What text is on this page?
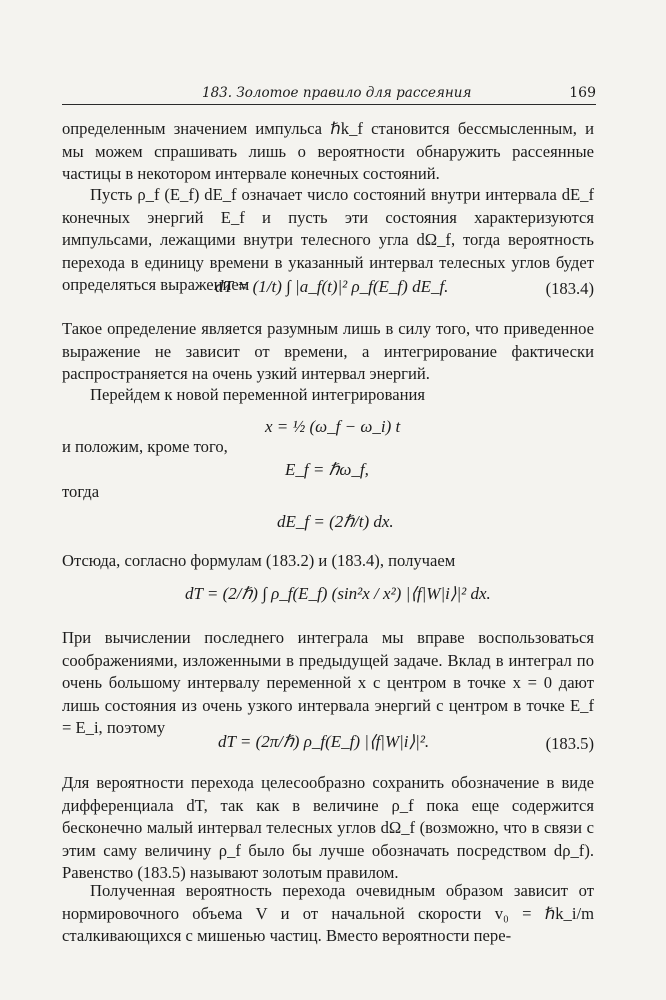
183. Золотое правило для рассеяния	169

определенным значением импульса ℏk_f становится бессмысленным, и мы можем спрашивать лишь о вероятности обнаружить рассеянные частицы в некотором интервале конечных состояний.

Пусть ρ_f (E_f) dE_f означает число состояний внутри интервала dE_f конечных энергий E_f и пусть эти состояния характеризуются импульсами, лежащими внутри телесного угла dΩ_f, тогда вероятность перехода в единицу времени в указанный интервал телесных углов будет определяться выражением

dT = (1/t) ∫ |a_f(t)|² ρ_f(E_f) dE_f.	(183.4)

Такое определение является разумным лишь в силу того, что приведенное выражение не зависит от времени, а интегрирование фактически распространяется на очень узкий интервал энергий.

Перейдем к новой переменной интегрирования

x = ½ (ω_f − ω_i) t

и положим, кроме того,

E_f = ℏω_f,

тогда

dE_f = (2ℏ/t) dx.

Отсюда, согласно формулам (183.2) и (183.4), получаем

dT = (2/ℏ) ∫ ρ_f(E_f) (sin²x / x²) |⟨f|W|i⟩|² dx.

При вычислении последнего интеграла мы вправе воспользоваться соображениями, изложенными в предыдущей задаче. Вклад в интеграл по очень большому интервалу переменной x с центром в точке x = 0 дают лишь состояния из очень узкого интервала энергий с центром в точке E_f = E_i, поэтому

dT = (2π/ℏ) ρ_f(E_f) |⟨f|W|i⟩|².	(183.5)

Для вероятности перехода целесообразно сохранить обозначение в виде дифференциала dT, так как в величине ρ_f пока еще содержится бесконечно малый интервал телесных углов dΩ_f (возможно, что в связи с этим саму величину ρ_f было бы лучше обозначать посредством dρ_f). Равенство (183.5) называют золотым правилом.

Полученная вероятность перехода очевидным образом зависит от нормировочного объема V и от начальной скорости v₀ = ℏk_i/m сталкивающихся с мишенью частиц. Вместо вероятности пере-
